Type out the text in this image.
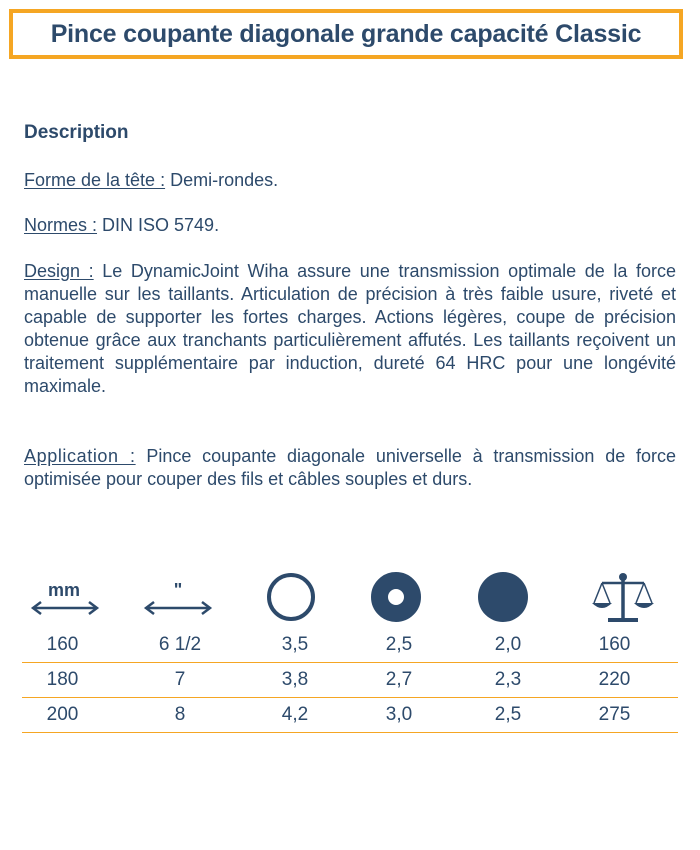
Pince coupante diagonale grande capacité Classic
Description

Forme de la tête : Demi-rondes.

Normes : DIN ISO 5749.

Design : Le DynamicJoint Wiha assure une transmission optimale de la force manuelle sur les taillants. Articulation de précision à très faible usure, riveté et capable de supporter les fortes charges. Actions légères, coupe de précision obtenue grâce aux tranchants particulièrement affutés. Les taillants reçoivent un traitement supplémentaire par induction, dureté 64 HRC pour une longévité maximale.

Application : Pince coupante diagonale universelle à transmission de force optimisée pour couper des fils et câbles souples et durs.

mm	"
160	6 1/2	3,5	2,5	2,0	160
180	7	3,8	2,7	2,3	220
200	8	4,2	3,0	2,5	275
